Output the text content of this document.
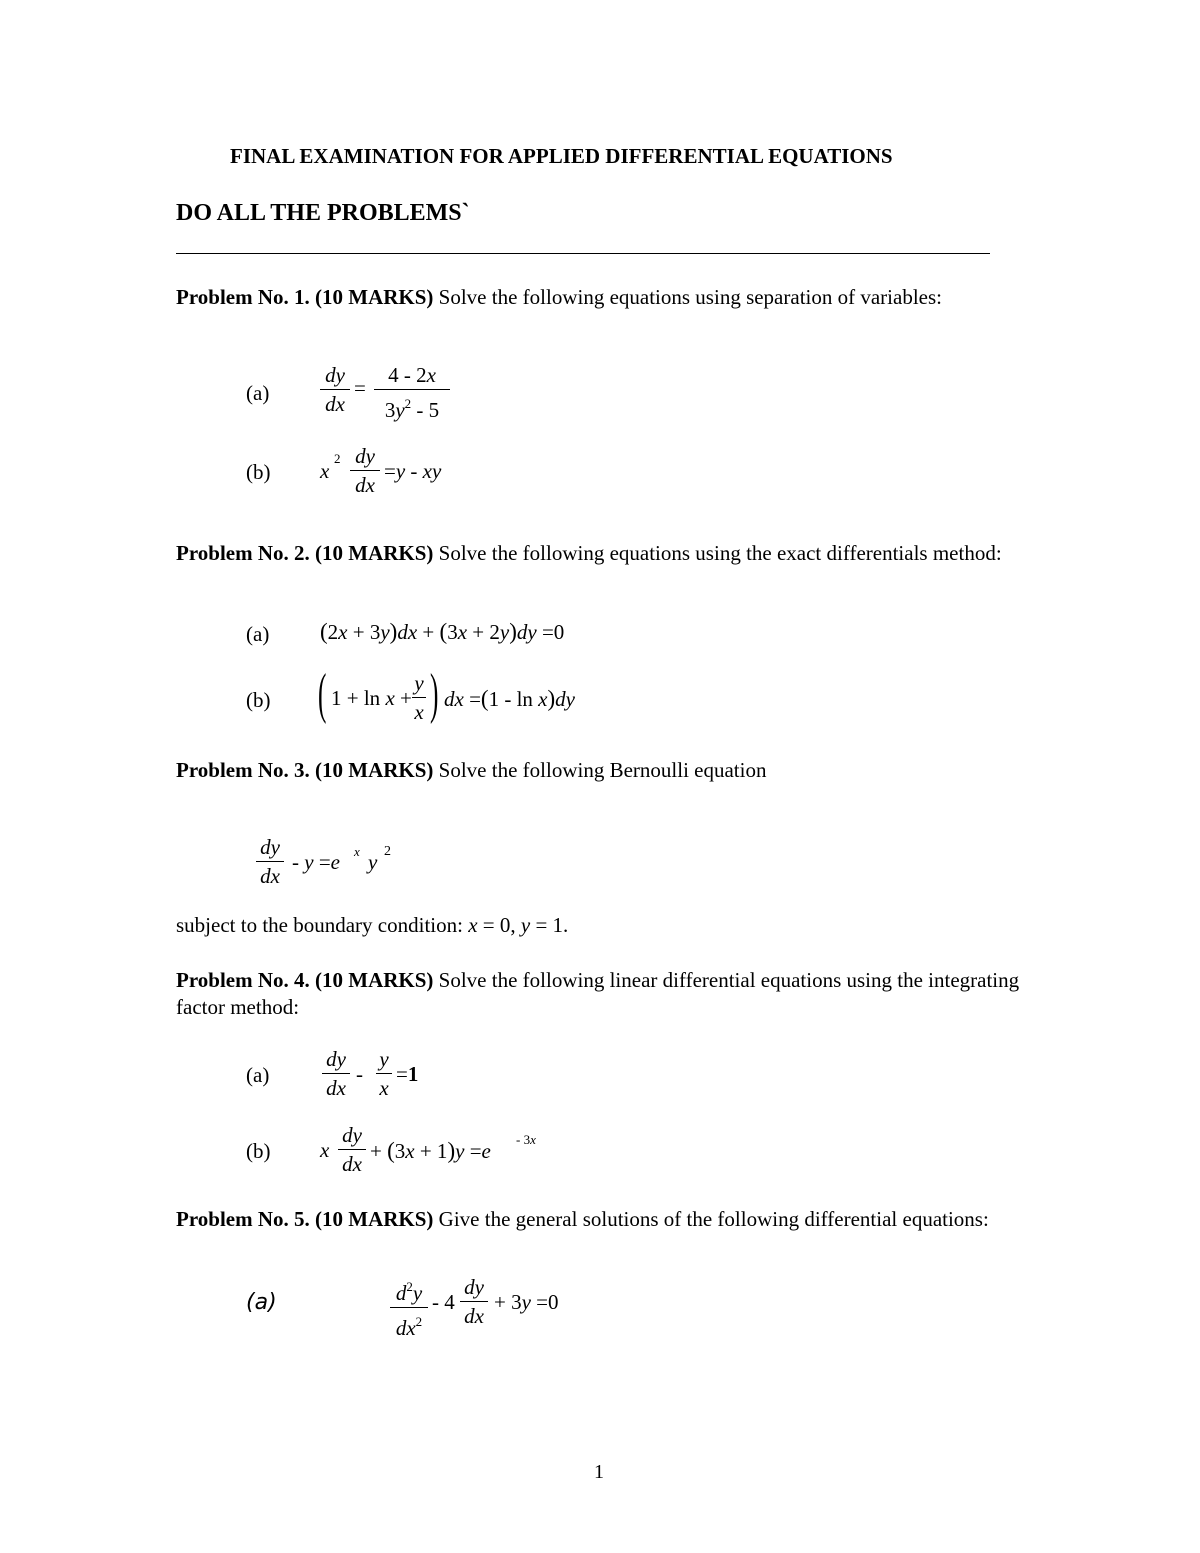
FINAL EXAMINATION FOR APPLIED DIFFERENTIAL EQUATIONS
DO ALL THE PROBLEMS`
Problem No. 1. (10 MARKS) Solve the following equations using separation of variables:
(a)
dy
dx
=
4 - 2x
$3y^2 - 5$
(b) x
2 dy
dx
=y - xy
Problem No. 2. (10 MARKS) Solve the following equations using the exact differentials method:
(a) (2x + 3y)dx + (3x + 2y)dy =0
(b) ( 1 + ln x +
y
x ) dx =(1 - ln x)dy
Problem No. 3. (10 MARKS) Solve the following Bernoulli equation
dy
dx
- y =e x y 2
subject to the boundary condition: x = 0, y = 1.
Problem No. 4. (10 MARKS) Solve the following linear differential equations using the integrating factor method:
(a)
dy
dx
-
y
x
=1
(b) x
dy
dx
+ (3x + 1)y =e - 3x
Problem No. 5. (10 MARKS) Give the general solutions of the following differential equations:
(a)	$d^2y$
$dx^2$
- 4
dy
dx
+ 3y =0
1
